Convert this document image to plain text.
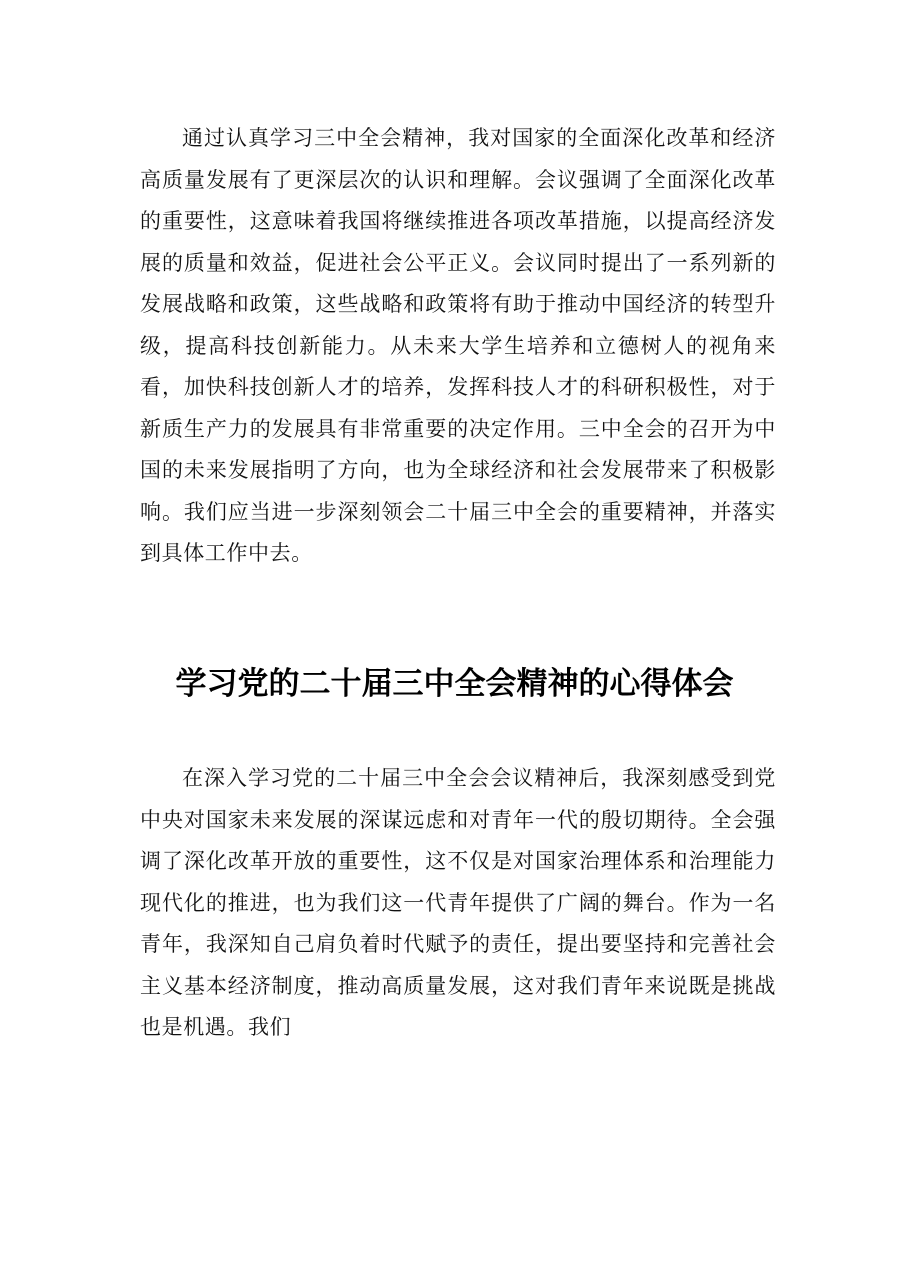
通过认真学习三中全会精神，我对国家的全面深化改革和经济高质量发展有了更深层次的认识和理解。会议强调了全面深化改革的重要性，这意味着我国将继续推进各项改革措施，以提高经济发展的质量和效益，促进社会公平正义。会议同时提出了一系列新的发展战略和政策，这些战略和政策将有助于推动中国经济的转型升级，提高科技创新能力。从未来大学生培养和立德树人的视角来看，加快科技创新人才的培养，发挥科技人才的科研积极性，对于新质生产力的发展具有非常重要的决定作用。三中全会的召开为中国的未来发展指明了方向，也为全球经济和社会发展带来了积极影响。我们应当进一步深刻领会二十届三中全会的重要精神，并落实到具体工作中去。

学习党的二十届三中全会精神的心得体会

在深入学习党的二十届三中全会会议精神后，我深刻感受到党中央对国家未来发展的深谋远虑和对青年一代的殷切期待。全会强调了深化改革开放的重要性，这不仅是对国家治理体系和治理能力现代化的推进，也为我们这一代青年提供了广阔的舞台。作为一名青年，我深知自己肩负着时代赋予的责任，提出要坚持和完善社会主义基本经济制度，推动高质量发展，这对我们青年来说既是挑战也是机遇。我们
